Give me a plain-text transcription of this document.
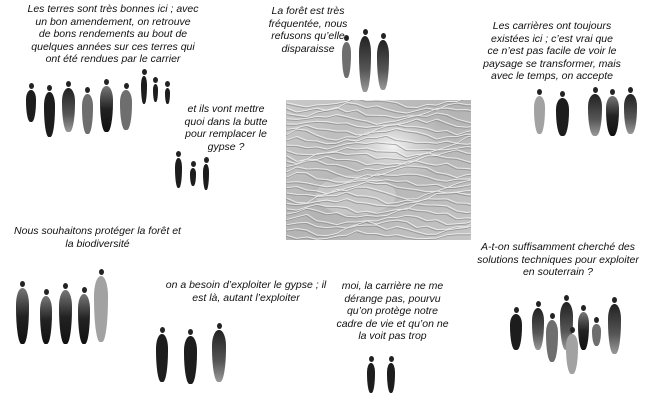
Les terres sont très bonnes ici ; avec
un bon amendement, on retrouve
de bons rendements au bout de
quelques années sur ces terres qui
ont été rendues par le carrier
La forêt est très
fréquentée, nous
refusons qu’elle
disparaisse
Les carrières ont toujours
existées ici ; c’est vrai que
ce n’est pas facile de voir le
paysage se transformer, mais
avec le temps, on accepte
et ils vont mettre
quoi dans la butte
pour remplacer le
gypse ?
Nous souhaitons protéger la forêt et
la biodiversité	A-t-on suffisamment cherché des
solutions techniques pour exploiter
en souterrain ?
on a besoin d’exploiter le gypse ; il
est là, autant l’exploiter
moi, la carrière ne me
dérange pas, pourvu
qu’on protège notre
cadre de vie et qu’on ne
la voit pas trop
